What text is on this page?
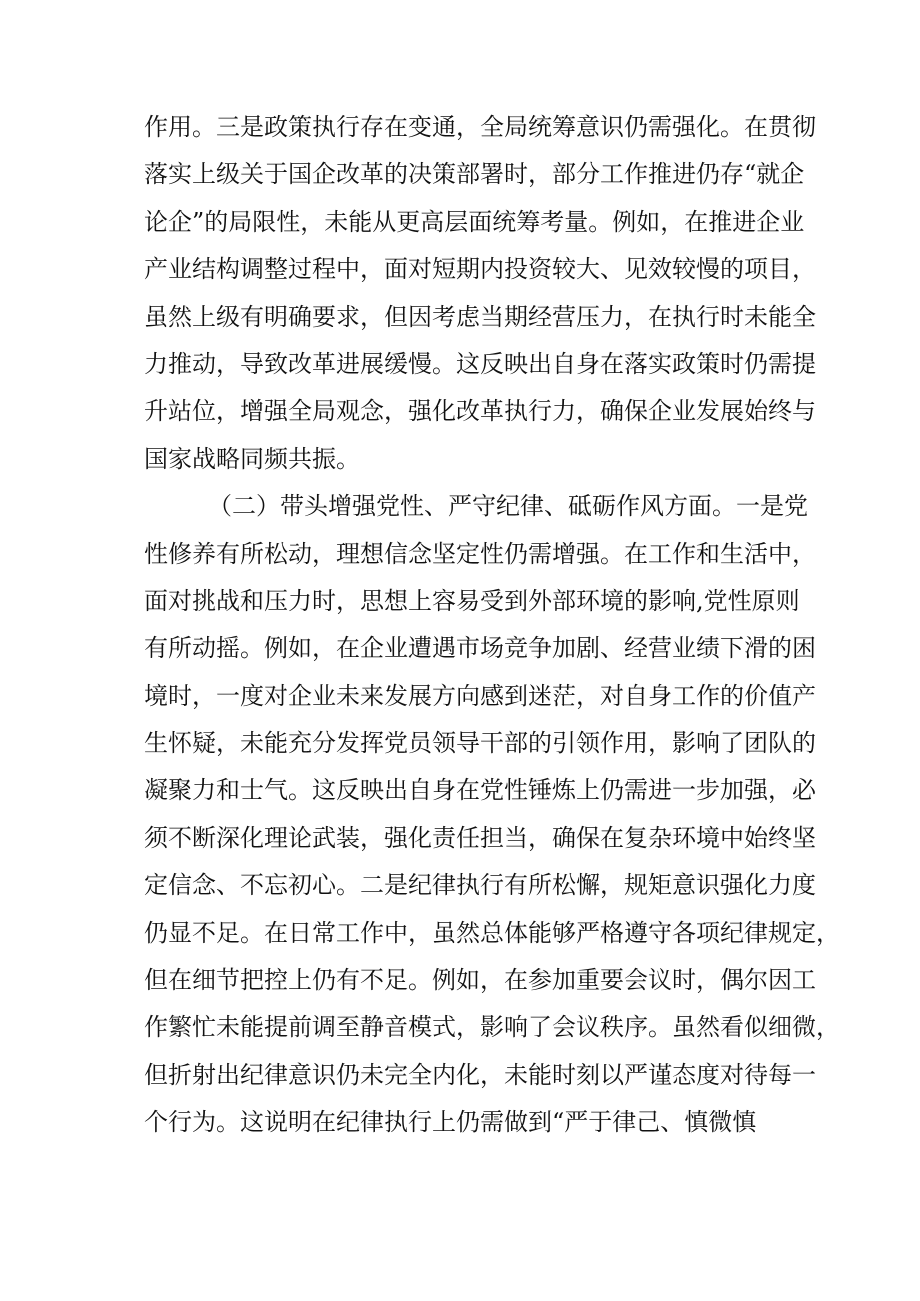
作用。三是政策执行存在变通，全局统筹意识仍需强化。在贯彻
落实上级关于国企改革的决策部署时，部分工作推进仍存“就企
论企”的局限性，未能从更高层面统筹考量。例如，在推进企业
产业结构调整过程中，面对短期内投资较大、见效较慢的项目，
虽然上级有明确要求，但因考虑当期经营压力，在执行时未能全
力推动，导致改革进展缓慢。这反映出自身在落实政策时仍需提
升站位，增强全局观念，强化改革执行力，确保企业发展始终与
国家战略同频共振。
（二）带头增强党性、严守纪律、砥砺作风方面。一是党
性修养有所松动，理想信念坚定性仍需增强。在工作和生活中，
面对挑战和压力时，思想上容易受到外部环境的影响,党性原则
有所动摇。例如，在企业遭遇市场竞争加剧、经营业绩下滑的困
境时，一度对企业未来发展方向感到迷茫，对自身工作的价值产
生怀疑，未能充分发挥党员领导干部的引领作用，影响了团队的
凝聚力和士气。这反映出自身在党性锤炼上仍需进一步加强，必
须不断深化理论武装，强化责任担当，确保在复杂环境中始终坚
定信念、不忘初心。二是纪律执行有所松懈，规矩意识强化力度
仍显不足。在日常工作中，虽然总体能够严格遵守各项纪律规定，
但在细节把控上仍有不足。例如，在参加重要会议时，偶尔因工
作繁忙未能提前调至静音模式，影响了会议秩序。虽然看似细微，
但折射出纪律意识仍未完全内化，未能时刻以严谨态度对待每一
个行为。这说明在纪律执行上仍需做到“严于律己、慎微慎
